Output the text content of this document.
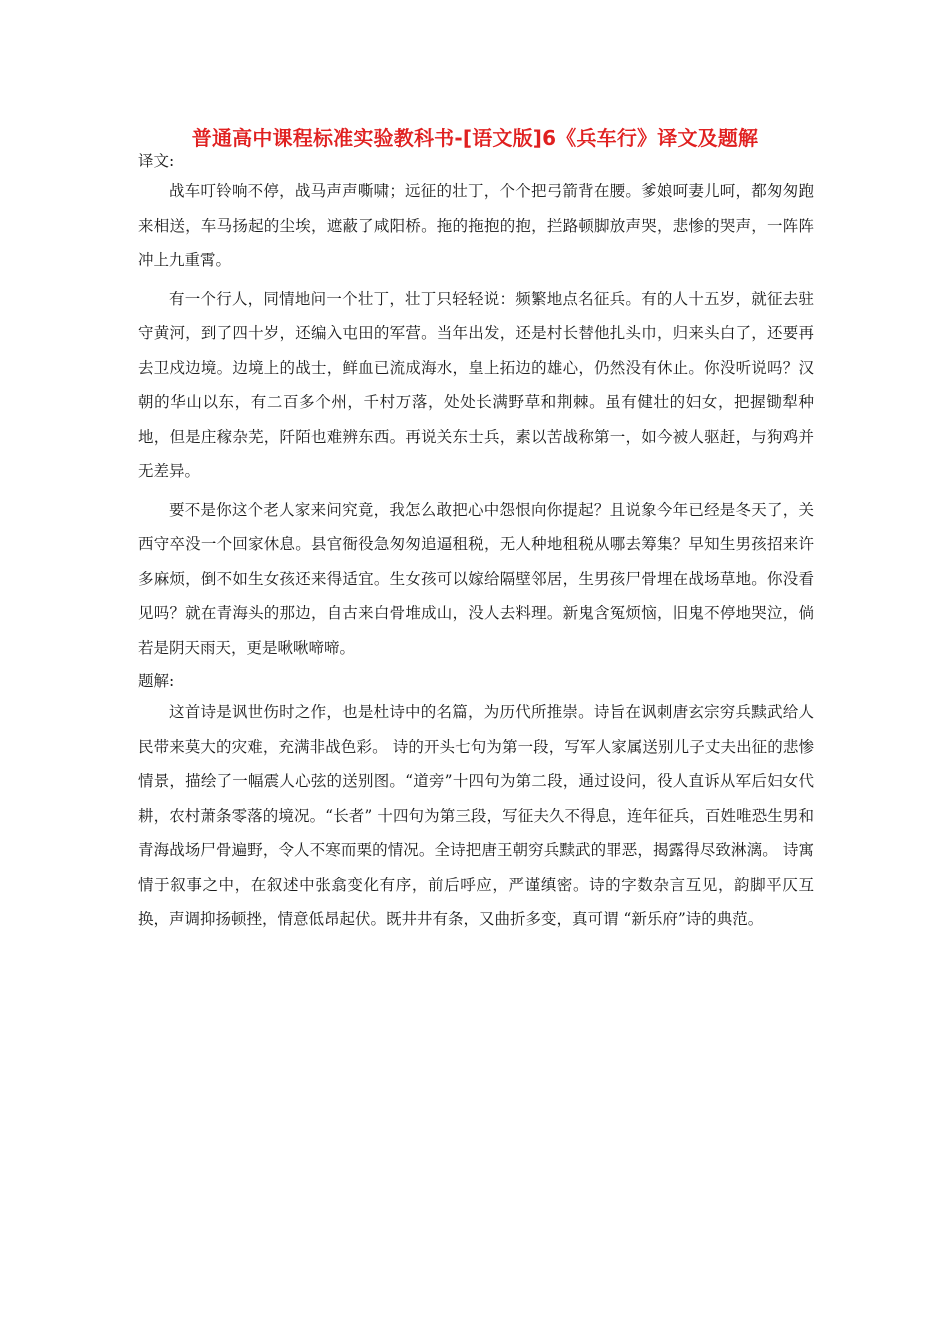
普通高中课程标准实验教科书-[语文版]6《兵车行》译文及题解

译文:

战车叮铃响不停，战马声声嘶啸；远征的壮丁，个个把弓箭背在腰。爹娘呵妻儿呵，都匆匆跑来相送，车马扬起的尘埃，遮蔽了咸阳桥。拖的拖抱的抱，拦路顿脚放声哭，悲惨的哭声，一阵阵冲上九重霄。

有一个行人，同情地问一个壮丁，壮丁只轻轻说：频繁地点名征兵。有的人十五岁，就征去驻守黄河，到了四十岁，还编入屯田的军营。当年出发，还是村长替他扎头巾，归来头白了，还要再去卫戍边境。边境上的战士，鲜血已流成海水，皇上拓边的雄心，仍然没有休止。你没听说吗？汉朝的华山以东，有二百多个州，千村万落，处处长满野草和荆棘。虽有健壮的妇女，把握锄犁种地，但是庄稼杂芜，阡陌也难辨东西。再说关东士兵，素以苦战称第一，如今被人驱赶，与狗鸡并无差异。

要不是你这个老人家来问究竟，我怎么敢把心中怨恨向你提起？且说象今年已经是冬天了，关西守卒没一个回家休息。县官衙役急匆匆追逼租税，无人种地租税从哪去筹集？早知生男孩招来许多麻烦，倒不如生女孩还来得适宜。生女孩可以嫁给隔壁邻居，生男孩尸骨埋在战场草地。你没看见吗？就在青海头的那边，自古来白骨堆成山，没人去料理。新鬼含冤烦恼，旧鬼不停地哭泣，倘若是阴天雨天，更是啾啾啼啼。

题解:

这首诗是讽世伤时之作，也是杜诗中的名篇，为历代所推崇。诗旨在讽刺唐玄宗穷兵黩武给人民带来莫大的灾难，充满非战色彩。 诗的开头七句为第一段，写军人家属送别儿子丈夫出征的悲惨情景，描绘了一幅震人心弦的送别图。“道旁”十四句为第二段，通过设问，役人直诉从军后妇女代耕，农村萧条零落的境况。“长者” 十四句为第三段，写征夫久不得息，连年征兵，百姓唯恐生男和青海战场尸骨遍野，令人不寒而栗的情况。全诗把唐王朝穷兵黩武的罪恶，揭露得尽致淋漓。 诗寓情于叙事之中，在叙述中张翕变化有序，前后呼应，严谨缜密。诗的字数杂言互见，韵脚平仄互换，声调抑扬顿挫，情意低昂起伏。既井井有条，又曲折多变，真可谓 “新乐府”诗的典范。
